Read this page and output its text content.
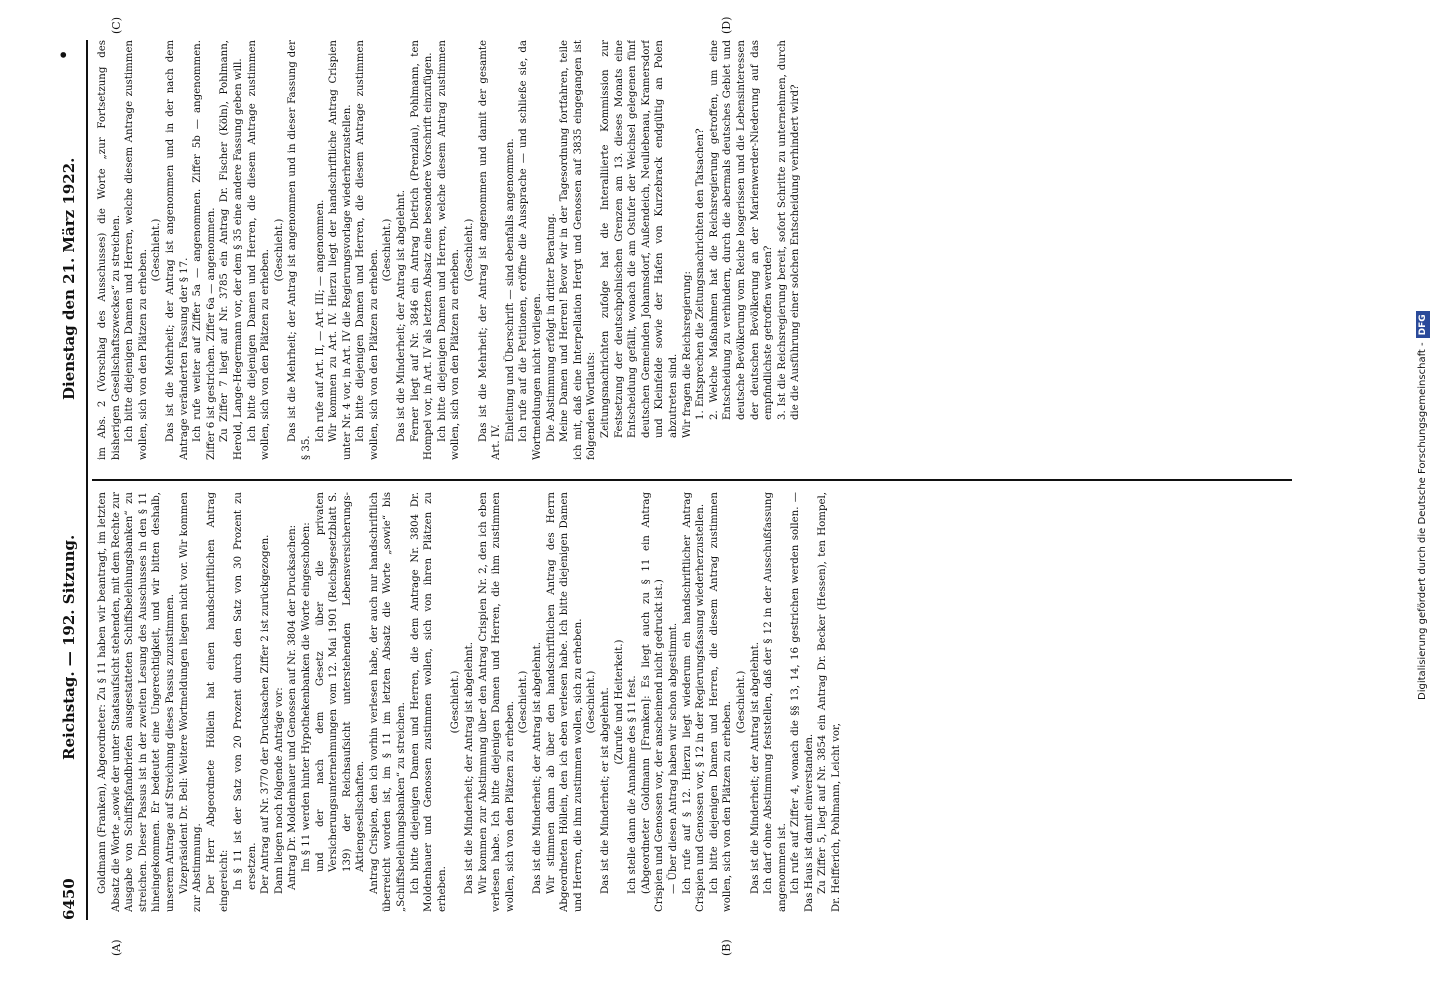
6450
Reichstag. — 192. Sitzung.
Dienstag den 21. März 1922.
•
(A)	(B)
(C)	(D)

Goldmann (Franken), Abgeordneter: Zu § 11 haben wir beantragt, im letzten Absatz die Worte „sowie der unter Staatsaufsicht stehenden, mit dem Rechte zur Ausgabe von Schiffspfandbriefen ausgestatteten Schiffsbeleihungsbanken“ zu streichen. Dieser Passus ist in der zweiten Lesung des Ausschusses in den § 11 hineingekommen. Er bedeutet eine Ungerechtigkeit, und wir bitten deshalb, unserem Antrage auf Streichung dieses Passus zuzustimmen. Vizepräsident Dr. Bell: Weitere Wortmeldungen liegen nicht vor. Wir kommen zur Abstimmung. Der Herr Abgeordnete Höllein hat einen handschriftlichen Antrag eingereicht: In § 11 ist der Satz von 20 Prozent durch den Satz von 30 Prozent zu ersetzen. Der Antrag auf Nr. 3770 der Drucksachen Ziffer 2 ist zurückgezogen. Dann liegen noch folgende Anträge vor: Antrag Dr. Moldenhauer und Genossen auf Nr. 3804 der Drucksachen: Im § 11 werden hinter Hypothekenbanken die Worte eingeschoben: und der nach dem Gesetz über die privaten Versicherungsunternehmungen vom 12. Mai 1901 (Reichsgesetzblatt S. 139) der Reichsaufsicht unterstehenden Lebensversicherungs-Aktiengesellschaften. Antrag Crispien, den ich vorhin verlesen habe, der auch nur handschriftlich überreicht worden ist, im § 11 im letzten Absatz die Worte „sowie“ bis „Schiffsbeleihungsbanken“ zu streichen. Ich bitte diejenigen Damen und Herren, die dem Antrage Nr. 3804 Dr. Moldenhauer und Genossen zustimmen wollen, sich von ihren Plätzen zu erheben.

(Geschieht.) Das ist die Minderheit; der Antrag ist abgelehnt. Wir kommen zur Abstimmung über den Antrag Crispien Nr. 2, den ich eben verlesen habe. Ich bitte diejenigen Damen und Herren, die ihm zustimmen wollen, sich von den Plätzen zu erheben. (Geschieht.) Das ist die Minderheit; der Antrag ist abgelehnt. Wir stimmen dann ab über den handschriftlichen Antrag des Herrn Abgeordneten Höllein, den ich eben verlesen habe. Ich bitte diejenigen Damen und Herren, die ihm zustimmen wollen, sich zu erheben. (Geschieht.) Das ist die Minderheit; er ist abgelehnt. (Zurufe und Heiterkeit.) Ich stelle dann die Annahme des § 11 fest. (Abgeordneter Goldmann [Franken]: Es liegt auch zu § 11 ein Antrag Crispien und Genossen vor, der anscheinend nicht gedruckt ist.) — Über diesen Antrag haben wir schon abgestimmt. Ich rufe auf § 12. Hierzu liegt wiederum ein handschriftlicher Antrag Crispien und Genossen vor, § 12 in der Regierungsfassung wiederherzustellen. Ich bitte diejenigen Damen und Herren, die diesem Antrag zustimmen wollen, sich von den Plätzen zu erheben. (Geschieht.) Das ist die Minderheit; der Antrag ist abgelehnt. Ich darf ohne Abstimmung feststellen, daß der § 12 in der Ausschußfassung angenommen ist. Ich rufe auf Ziffer 4, wonach die §§ 13, 14, 16 gestrichen werden sollen. — Das Haus ist damit einverstanden. Zu Ziffer 5, liegt auf Nr. 3854 ein Antrag Dr. Becker (Hessen), ten Hompel, Dr. Helfferich, Pohlmann, Leicht vor,

im Abs. 2 (Vorschlag des Ausschusses) die Worte „zur Fortsetzung des bisherigen Gesellschaftszweckes“ zu streichen. Ich bitte diejenigen Damen und Herren, welche diesem Antrage zustimmen wollen, sich von den Plätzen zu erheben. (Geschieht.) Das ist die Mehrheit; der Antrag ist angenommen und in der nach dem Antrage veränderten Fassung der § 17. Ich rufe weiter auf Ziffer 5a — angenommen. Ziffer 5b — angenommen. Ziffer 6 ist gestrichen. Ziffer 6a — angenommen. Zu Ziffer 7 liegt auf Nr. 3785 ein Antrag Dr. Fischer (Köln), Pohlmann, Herold, Lange-Hegermann vor, der dem § 35 eine andere Fassung geben will. Ich bitte diejenigen Damen und Herren, die diesem Antrage zustimmen wollen, sich von den Plätzen zu erheben. (Geschieht.) Das ist die Mehrheit; der Antrag ist angenommen und in dieser Fassung der § 35.

Ich rufe auf Art. II, — Art. III; — angenommen. Wir kommen zu Art. IV. Hierzu liegt der handschriftliche Antrag Crispien unter Nr. 4 vor, in Art. IV die Regierungsvorlage wiederherzustellen. Ich bitte diejenigen Damen und Herren, die diesem Antrage zustimmen wollen, sich von den Plätzen zu erheben. (Geschieht.) Das ist die Minderheit; der Antrag ist abgelehnt. Ferner liegt auf Nr. 3846 ein Antrag Dietrich (Prenzlau), Pohlmann, ten Hompel vor, in Art. IV als letzten Absatz eine besondere Vorschrift einzufügen. Ich bitte diejenigen Damen und Herren, welche diesem Antrag zustimmen wollen, sich von den Plätzen zu erheben. (Geschieht.) Das ist die Mehrheit; der Antrag ist angenommen und damit der gesamte Art. IV.

Einleitung und Überschrift — sind ebenfalls angenommen. Ich rufe auf die Petitionen, eröffne die Aussprache — und schließe sie, da Wortmeldungen nicht vorliegen. Die Abstimmung erfolgt in dritter Beratung. Meine Damen und Herren! Bevor wir in der Tagesordnung fortfahren, teile ich mit, daß eine Interpellation Hergt und Genossen auf 3835 eingegangen ist folgenden Wortlauts: Zeitungsnachrichten zufolge hat die Interalliierte Kommission zur Festsetzung der deutschpolnischen Grenzen am 13. dieses Monats eine Entscheidung gefällt, wonach die am Ostufer der Weichsel gelegenen fünf deutschen Gemeinden Johannsdorf, Außendeich, Neuliebenau, Kramersdorf und Kleinfelde sowie der Hafen von Kurzebrack endgültig an Polen abzutreten sind. Wir fragen die Reichsregierung: 1. Entsprechen die Zeitungsnachrichten den Tatsachen? 2. Welche Maßnahmen hat die Reichsregierung getroffen, um eine Entscheidung zu verhindern, durch die abermals deutsches Gebiet und deutsche Bevölkerung vom Reiche losgerissen und die Lebensinteressen der deutschen Bevölkerung an der Marienwerder-Niederung auf das empfindlichste getroffen werden? 3. Ist die Reichsregierung bereit, sofort Schritte zu unternehmen, durch die die Ausführung einer solchen Entscheidung verhindert wird?

Digitalisierung gefördert durch die Deutsche Forschungsgemeinschaft -DFG
